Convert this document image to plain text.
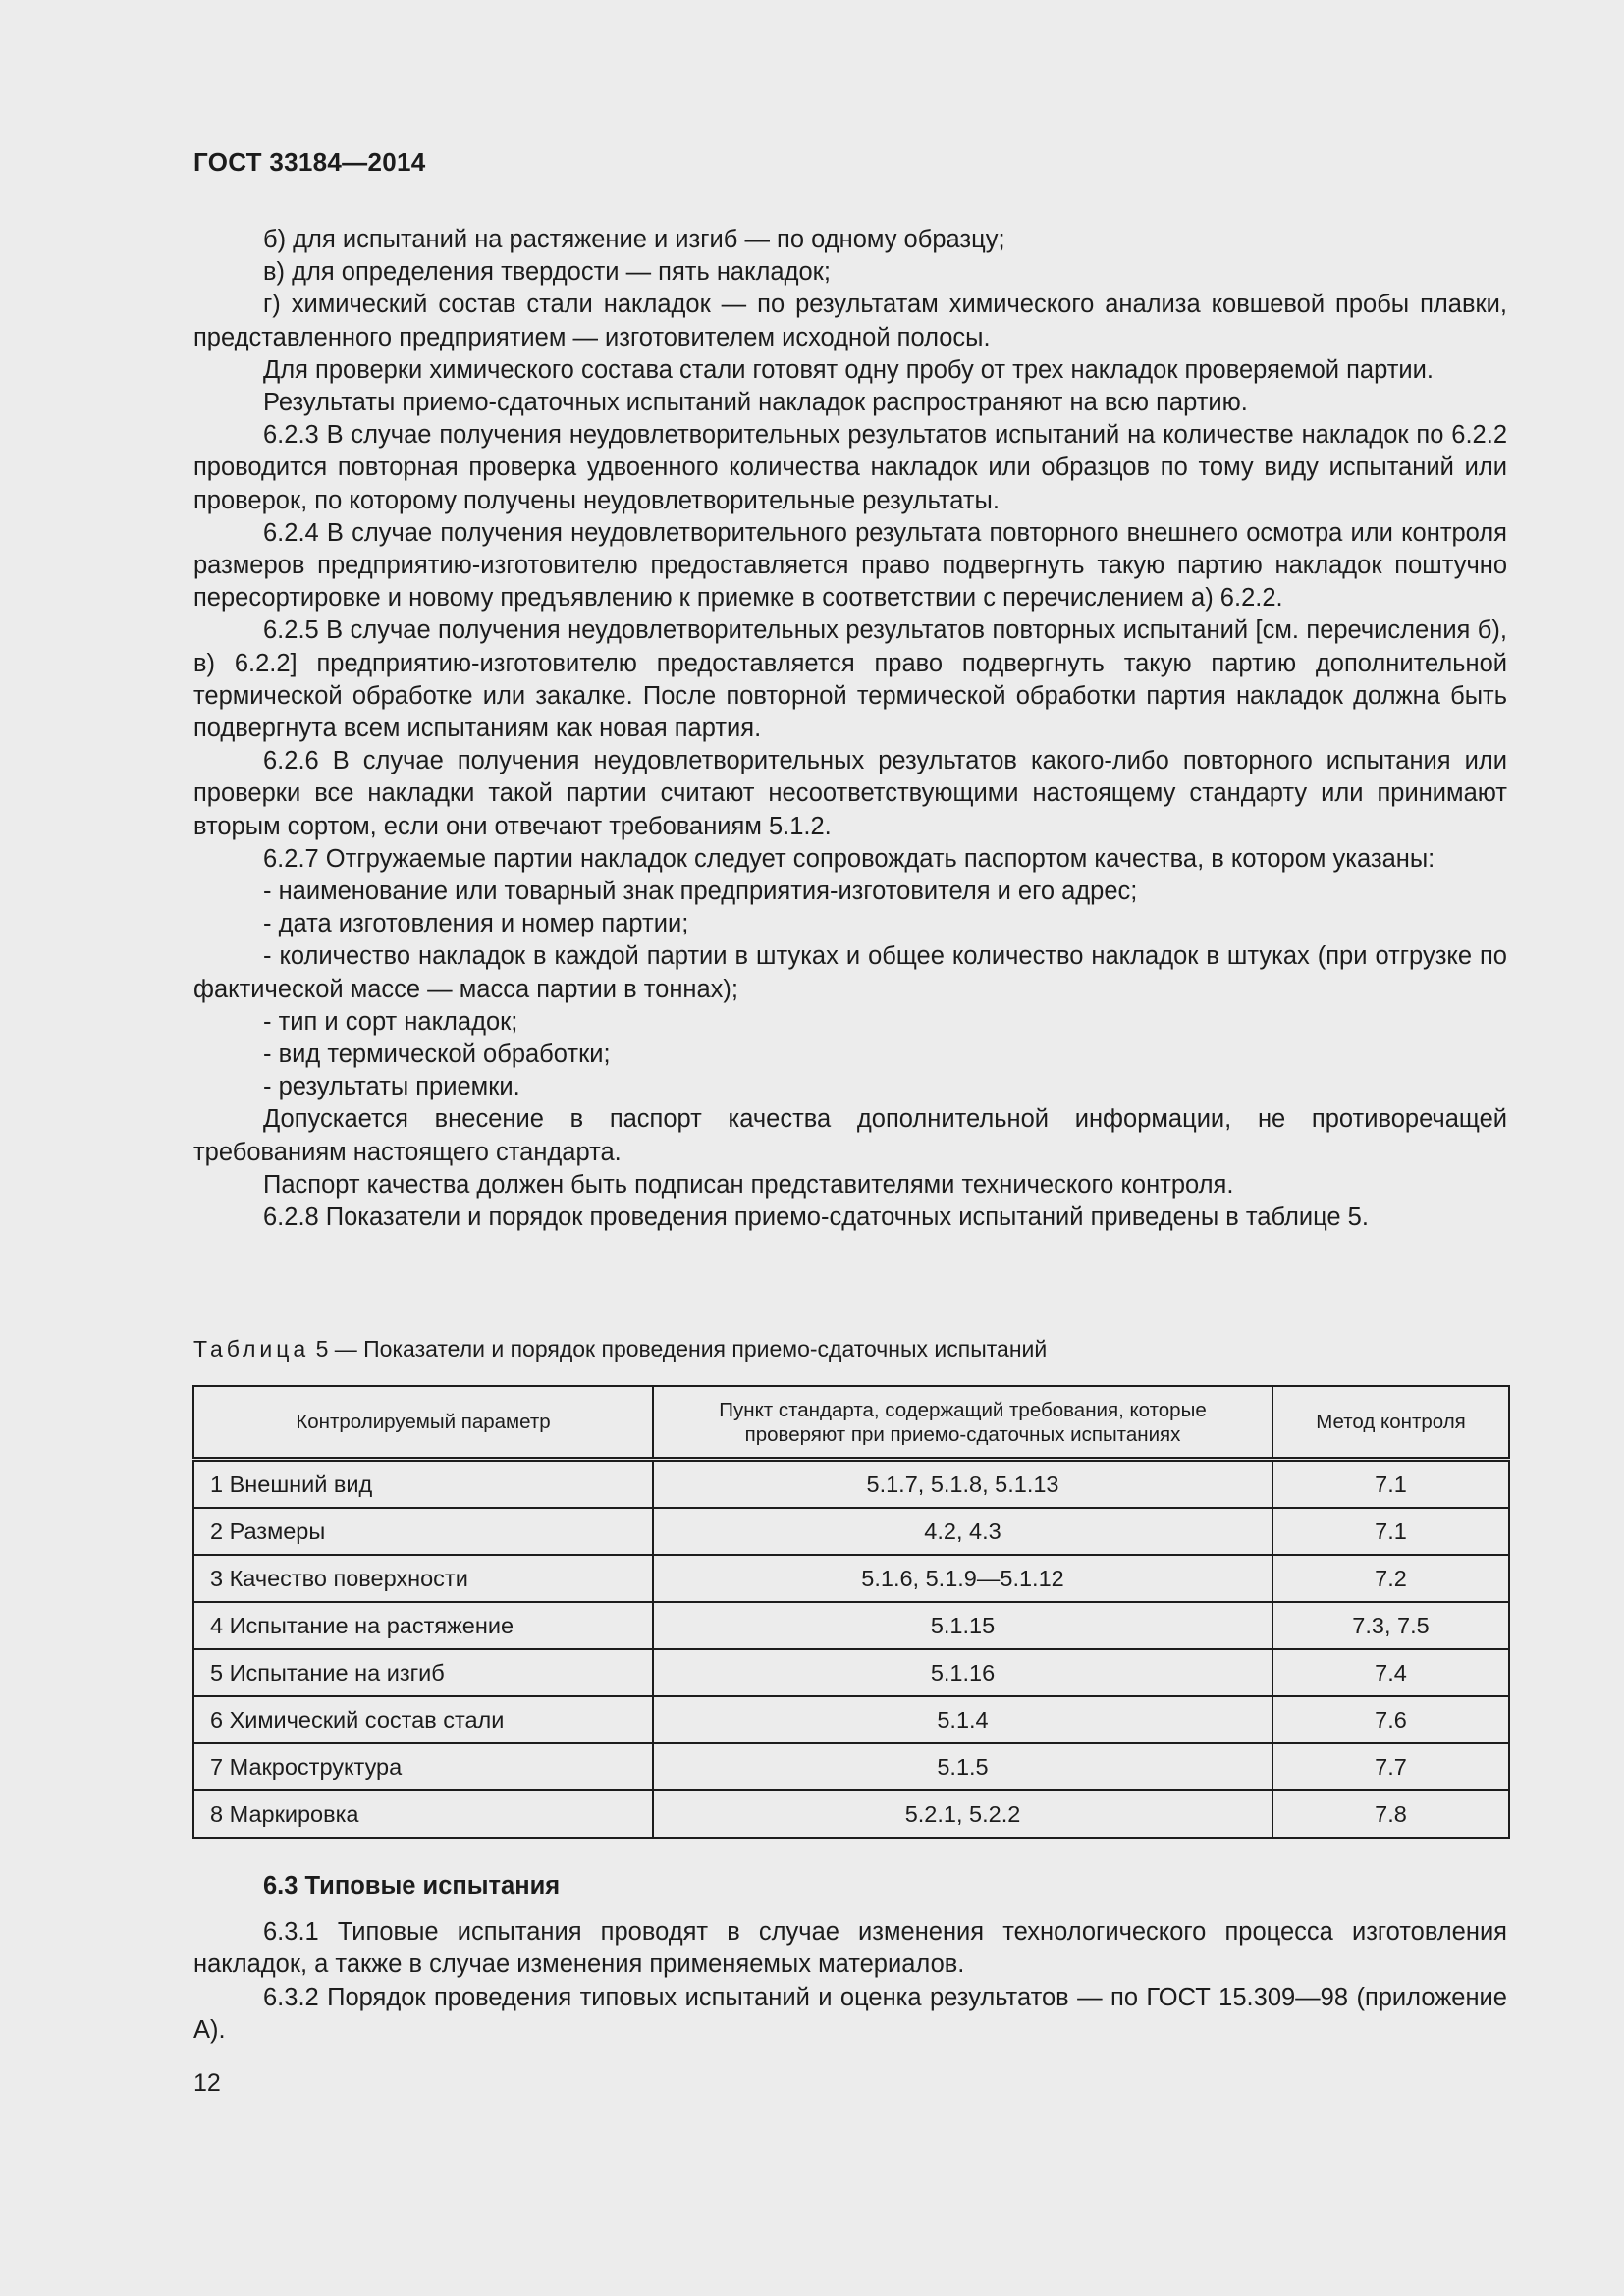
ГОСТ 33184—2014

б) для испытаний на растяжение и изгиб — по одному образцу;

в) для определения твердости — пять накладок;

г) химический состав стали накладок — по результатам химического анализа ковшевой пробы плавки, представленного предприятием — изготовителем исходной полосы.

Для проверки химического состава стали готовят одну пробу от трех накладок проверяемой партии.

Результаты приемо-сдаточных испытаний накладок распространяют на всю партию.

6.2.3 В случае получения неудовлетворительных результатов испытаний на количестве накладок по 6.2.2 проводится повторная проверка удвоенного количества накладок или образцов по тому виду испытаний или проверок, по которому получены неудовлетворительные результаты.

6.2.4 В случае получения неудовлетворительного результата повторного внешнего осмотра или контроля размеров предприятию-изготовителю предоставляется право подвергнуть такую партию накладок поштучно пересортировке и новому предъявлению к приемке в соответствии с перечислением а) 6.2.2.

6.2.5 В случае получения неудовлетворительных результатов повторных испытаний [см. перечисления б), в) 6.2.2] предприятию-изготовителю предоставляется право подвергнуть такую партию дополнительной термической обработке или закалке. После повторной термической обработки партия накладок должна быть подвергнута всем испытаниям как новая партия.

6.2.6 В случае получения неудовлетворительных результатов какого-либо повторного испытания или проверки все накладки такой партии считают несоответствующими настоящему стандарту или принимают вторым сортом, если они отвечают требованиям 5.1.2.

6.2.7 Отгружаемые партии накладок следует сопровождать паспортом качества, в котором указаны:

- наименование или товарный знак предприятия-изготовителя и его адрес;

- дата изготовления и номер партии;

- количество накладок в каждой партии в штуках и общее количество накладок в штуках (при отгрузке по фактической массе — масса партии в тоннах);

- тип и сорт накладок;

- вид термической обработки;

- результаты приемки.

Допускается внесение в паспорт качества дополнительной информации, не противоречащей требованиям настоящего стандарта.

Паспорт качества должен быть подписан представителями технического контроля.

6.2.8 Показатели и порядок проведения приемо-сдаточных испытаний приведены в таблице 5.

Таблица 5 — Показатели и порядок проведения приемо-сдаточных испытаний
Контролируемый параметр	Пункт стандарта, содержащий требования, которые проверяют при приемо-сдаточных испытаниях	Метод контроля
1 Внешний вид	5.1.7, 5.1.8, 5.1.13	7.1
2 Размеры	4.2, 4.3	7.1
3 Качество поверхности	5.1.6, 5.1.9—5.1.12	7.2
4 Испытание на растяжение	5.1.15	7.3, 7.5
5 Испытание на изгиб	5.1.16	7.4
6 Химический состав стали	5.1.4	7.6
7 Макроструктура	5.1.5	7.7
8 Маркировка	5.2.1, 5.2.2	7.8
6.3 Типовые испытания

6.3.1 Типовые испытания проводят в случае изменения технологического процесса изготовления накладок, а также в случае изменения применяемых материалов.

6.3.2 Порядок проведения типовых испытаний и оценка результатов — по ГОСТ 15.309—98 (приложение А).

12
